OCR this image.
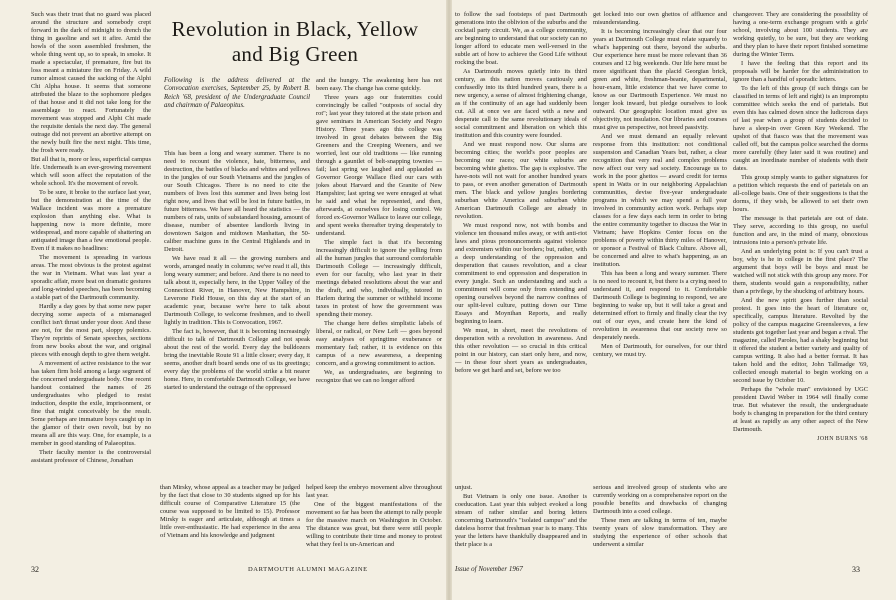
Such was their trust that no guard was placed around the structure and somebody crept forward in the dark of midnight to drench the thing in gasoline and set it afire. Amid the howls of the soon assembled freshmen, the whole thing went up, so to speak, in smoke. It made a spectacular, if premature, fire but its loss meant a miniature fire on Friday. A wild rumor almost caused the sacking of the Alphi Chi Alpha house. It seems that someone attributed the blaze to the sophomore pledges of that house and it did not take long for the assemblage to react. Fortunately the movement was stopped and Alphi Chi made the requisite denials the next day. The general outrage did not prevent an abortive attempt on the newly built fire the next night. This time, the frosh were ready.

But all that is, more or less, superficial campus life. Underneath is an ever-growing movement which will soon affect the reputation of the whole school. It's the movement of revolt.

To be sure, it broke to the surface last year, but the demonstration at the time of the Wallace incident was more a premature explosion than anything else. What is happening now is more definite, more widespread, and more capable of shattering an antiquated image than a few emotional people. Even if it makes no headlines:

The movement is spreading in various areas. The most obvious is the protest against the war in Vietnam. What was last year a sporadic affair, more beat on dramatic gestures and long-winded speeches, has been becoming a stable part of the Dartmouth community.

Hardly a day goes by that some new paper decrying some aspects of a mismanaged conflict isn't thrust under your door. And these are not, for the most part, sloppy polemics. They're reprints of Senate speeches, sections from new books about the war, and original pieces with enough depth to give them weight.

A movement of active resistance to the war has taken firm hold among a large segment of the concerned undergraduate body. One recent handout contained the names of 26 undergraduates who pledged to resist induction, despite the exile, imprisonment, or fine that might conceivably be the result. Some perhaps are immature boys caught up in the glamor of their own revolt, but by no means all are this way. One, for example, is a member in good standing of Palaeopitus.

Their faculty mentor is the controversial assistant professor of Chinese, Jonathan

Revolution in Black, Yellow and Big Green
Following is the address delivered at the Convocation exercises, September 25, by Robert B. Reich '68, president of the Undergraduate Council and chairman of Palaeopitus.

This has been a long and weary summer. There is no need to recount the violence, hate, bitterness, and destruction, the battles of blacks and whites and yellows in the jungles of our South Vietnams and the jungles of our South Chicagos. There is no need to cite the numbers of lives lost this summer and lives being lost right now, and lives that will be lost in future battles, in future bitterness. We have all heard the statistics — the numbers of rats, units of substandard housing, amount of disease, number of absentee landlords living in downtown Saigon and midtown Manhattan, the 50-caliber machine guns in the Central Highlands and in Detroit.

We have read it all — the growing numbers and words, arranged neatly in columns; we've read it all, this long weary summer; and before. And there is no need to talk about it, especially here, in the Upper Valley of the Connecticut River, in Hanover, New Hampshire, in Leverone Field House, on this day at the start of an academic year, because we're here to talk about Dartmouth College, to welcome freshmen, and to dwell lightly in tradition. This is Convocation, 1967.

The fact is, however, that it is becoming increasingly difficult to talk of Dartmouth College and not speak about the rest of the world. Every day the bulldozers bring the inevitable Route 91 a little closer; every day, it seems, another draft board sends one of us its greetings; every day the problems of the world strike a bit nearer home. Here, in comfortable Dartmouth College, we have started to understand the outrage of the oppressed

and the hungry. The awakening here has not been easy. The change has come quickly.

Three years ago our fraternities could convincingly be called "outposts of social dry rot"; last year they tutored at the state prison and gave seminars in American Society and Negro History. Three years ago this college was involved in great debates between the Big Greeners and the Creeping Weeners, and we worried, lest our old traditions — like running through a gauntlet of belt-snapping townies — fail; last spring we laughed and applauded as Governor George Wallace flied our cars with jokes about Harvard and the Granite of New Hampshire; last spring we were enraged at what he said and what he represented, and then, afterwards, at ourselves for losing control. We forced ex-Governor Wallace to leave our college, and spent weeks thereafter trying desperately to understand.

The simple fact is that it's becoming increasingly difficult to ignore the yelling from all the human jungles that surround comfortable Dartmouth College — increasingly difficult, even for our faculty, who last year in their meetings debated resolutions about the war and the draft, and who, individually, tutored in Harlem during the summer or withheld income taxes in protest of how the government was spending their money.

The change here defies simplistic labels of liberal, or radical, or New Left — goes beyond easy analyses of springtime exuberance or momentary fad; rather, it is evidence on this campus of a new awareness, a deepening concern, and a growing commitment to action.

We, as undergraduates, are beginning to recognize that we can no longer afford

than Mirsky, whose appeal as a teacher may be judged by the fact that close to 30 students signed up for his difficult course of Comparative Literature 15 (the course was supposed to be limited to 15). Professor Mirsky is eager and articulate, although at times a little over-enthusiastic. He had experience in the area of Vietnam and his knowledge and judgment

helped keep the embryo movement alive throughout last year.

One of the biggest manifestations of the movement so far has been the attempt to rally people for the massive march on Washington in October. The distance was great, but there were still people willing to contribute their time and money to protest what they feel is un-American and

32	DARTMOUTH ALUMNI MAGAZINE

to follow the sad footsteps of past Dartmouth generations into the oblivion of the suburbs and the cocktail party circuit. We, as a college community, are beginning to understand that our society can no longer afford to educate men well-versed in the subtle art of how to achieve the Good Life without rocking the boat.

As Dartmouth moves quietly into its third century, as this nation moves cautiously and confusedly into its third hundred years, there is a new urgency, a sense of almost frightening change, as if the continuity of an age had suddenly been cut. All at once we are faced with a new and desperate call to the same revolutionary ideals of social commitment and liberation on which this institution and this country were founded.

And we must respond now. Our slums are becoming cities; the world's poor peoples are becoming our races; our white suburbs are becoming white ghettos. The gap is explosive. The have-nots will not wait for another hundred years to pass, or even another generation of Dartmouth men. The black and yellow jungles bordering suburban white America and suburban white American Dartmouth College are already in revolution.

We must respond now, not with bombs and violence ten thousand miles away, or with anti-riot laws and pious pronouncements against violence and extremism within our borders; but, rather, with a deep understanding of the oppression and desperation that causes revolution, and a clear commitment to end oppression and desperation in every jungle. Such an understanding and such a commitment will come only from extending and opening ourselves beyond the narrow confines of our split-level culture, putting down our Time Essays and Moynihan Reports, and really beginning to learn.

We must, in short, meet the revolutions of desperation with a revolution in awareness. And this other revolution — so crucial in this critical point in our history, can start only here, and now, — in these four short years as undergraduates, before we get hard and set, before we too

get locked into our own ghettos of affluence and misunderstanding.

It is becoming increasingly clear that our four years at Dartmouth College must relate squarely to what's happening out there, beyond the suburbs. Our experience here must be more relevant than 36 courses and 12 big weekends. Our life here must be more significant than the placid Georgian brick, green and white, freshman-beanie, departmental, hour-exam, little existence that we have come to know as our Dartmouth Experience. We must no longer look inward, but pledge ourselves to look outward. Our geographic location must give us objectivity, not insulation. Our libraries and courses must give us perspective, not breed passivity.

And we must demand an equally relevant response from this institution: not conditional suspension and Canadian Years but, rather, a clear recognition that very real and complex problems now affect our very sad society. Encourage us to work in the poor ghettos — award credit for terms spent in Watts or in our neighboring Appalachian communities, devise five-year undergraduate programs in which we may spend a full year involved in community action work. Perhaps step classes for a few days each term in order to bring the entire community together to discuss the War in Vietnam; have Hopkins Center focus on the problems of poverty within thirty miles of Hanover, or sponsor a Festival of Black Culture. Above all, be concerned and alive to what's happening, as an institution.

This has been a long and weary summer. There is no need to recount it, but there is a crying need to understand it, and respond to it. Comfortable Dartmouth College is beginning to respond, we are beginning to wake up, but it will take a great and determined effort to firmly and finally clear the ivy out of our eyes, and create here the kind of revolution in awareness that our society now so desperately needs.

Men of Dartmouth, for ourselves, for our third century, we must try.

unjust.

But Vietnam is only one issue. Another is coeducation. Last year this subject evoked a long stream of rather similar and boring letters concerning Dartmouth's "isolated campus" and the dateless horror that freshman year is to many. This year the letters have thankfully disappeared and in their place is a

serious and involved group of students who are currently working on a comprehensive report on the possible benefits and drawbacks of changing Dartmouth into a coed college.

These men are talking in terms of ten, maybe twenty years of slow transformation. They are studying the experience of other schools that underwent a similar

changeover. They are considering the possibility of having a one-term exchange program with a girls' school, involving about 100 students. They are working quietly, to be sure, but they are working and they plan to have their report finished sometime during the Winter Term.

I have the feeling that this report and its proposals will be harder for the administration to ignore than a handful of sporadic letters.

To the left of this group (if such things can be classified in terms of left and right) is an impromptu committee which seeks the end of parietals. But even this has calmed down since the ludicrous days of last year when a group of students decided to have a sleep-in over Green Key Weekend. The upshot of that fiasco was that the movement was called off, but the campus police searched the dorms more carefully (they later said it was routine) and caught an inordinate number of students with their dates.

This group simply wants to gather signatures for a petition which requests the end of parietals on an all-college basis. One of their suggestions is that the dorms, if they wish, be allowed to set their own hours.

The message is that parietals are out of date. They serve, according to this group, no useful function and are, in the mind of many, obnoxious intrusions into a person's private life.

And an underlying point is: If you can't trust a boy, why is he in college in the first place? The argument that boys will be boys and must be watched will not stick with this group any more. For them, students would gain a responsibility, rather than a privilege, by the shucking of arbitrary hours.

And the new spirit goes further than social protest. It goes into the heart of literature or, specifically, campus literature. Revolted by the policy of the campus magazine Greensleeves, a few students got together last year and began a rival. The magazine, called Paroles, had a shaky beginning but it offered the student a better variety and quality of campus writing. It also had a better format. It has taken hold and the editor, John Tallmadge '69, collected enough material to begin working on a second issue by October 10.

Perhaps the "whole man" envisioned by UGC president David Weber in 1964 will finally come true. But whatever the result, the undergraduate body is changing in preparation for the third century at least as rapidly as any other aspect of the New Dartmouth.

JOHN BURNS '68

Issue of November 1967	33
